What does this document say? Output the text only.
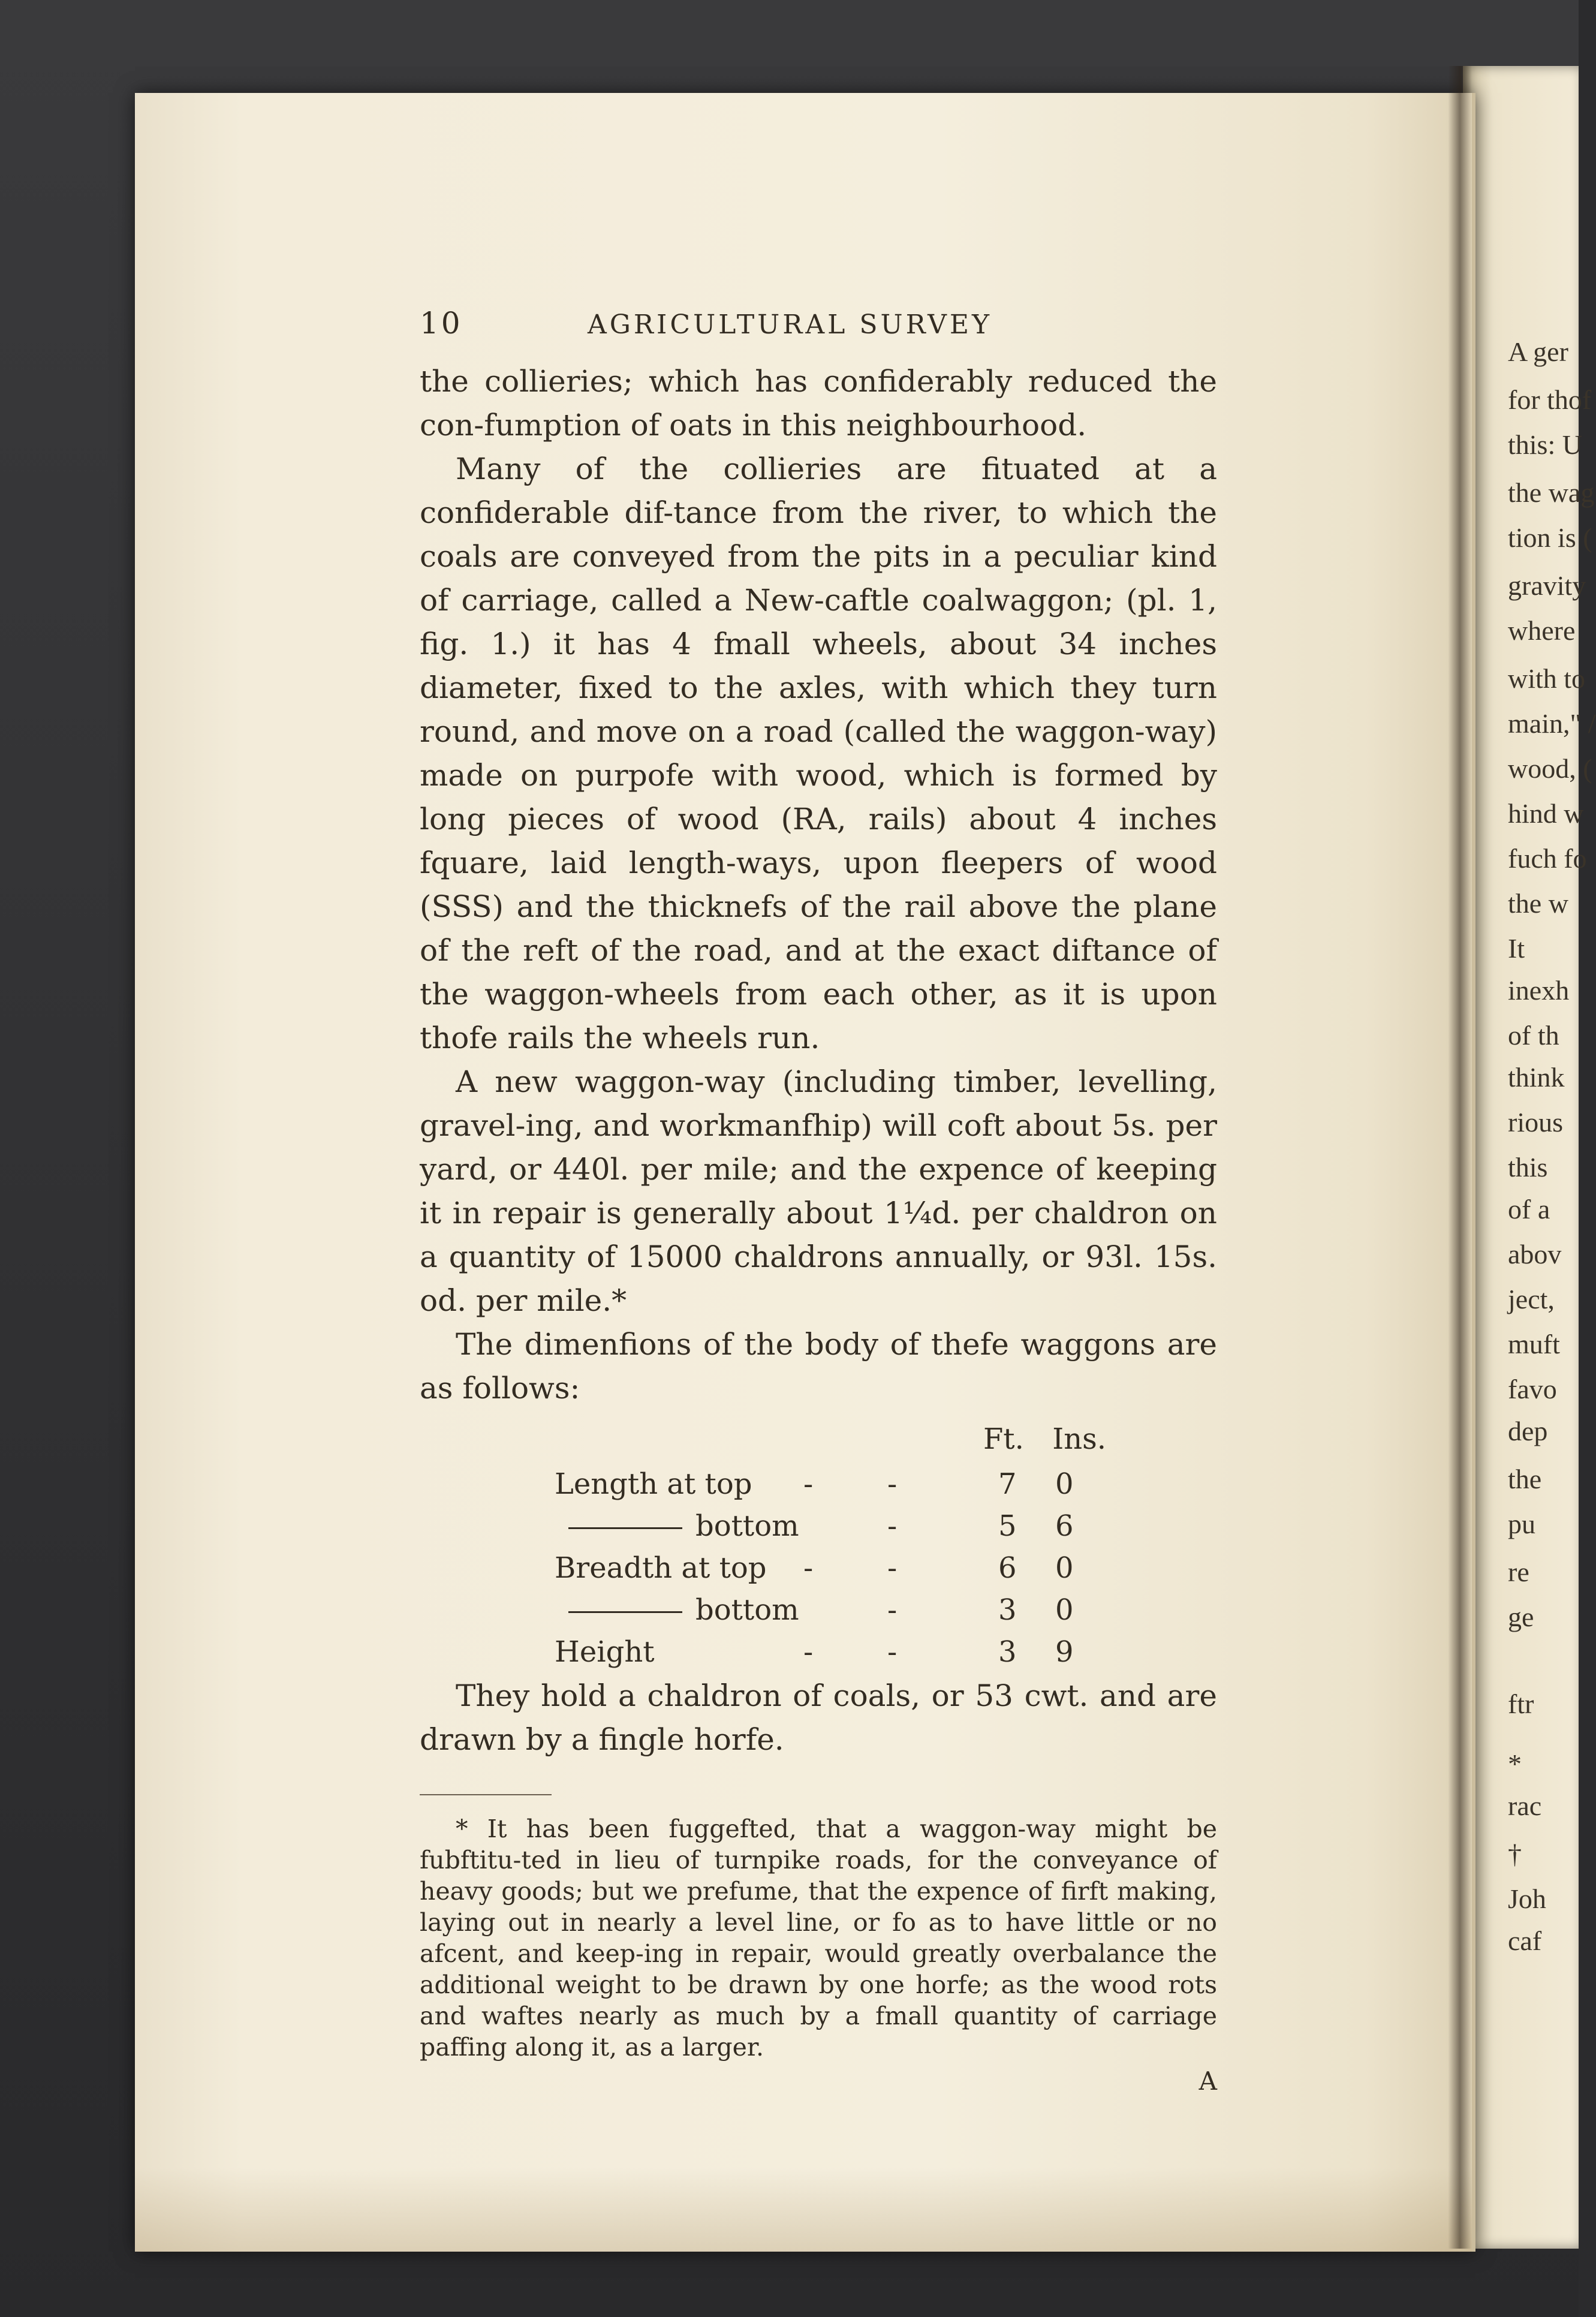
10	AGRICULTURAL SURVEY

the collieries; which has confiderably reduced the con-fumption of oats in this neighbourhood.

Many of the collieries are fituated at a confiderable dif-tance from the river, to which the coals are conveyed from the pits in a peculiar kind of carriage, called a New-caftle coalwaggon; (pl. 1, fig. 1.) it has 4 fmall wheels, about 34 inches diameter, fixed to the axles, with which they turn round, and move on a road (called the waggon-way) made on purpofe with wood, which is formed by long pieces of wood (RA, rails) about 4 inches fquare, laid length-ways, upon fleepers of wood (SSS) and the thicknefs of the rail above the plane of the reft of the road, and at the exact diftance of the waggon-wheels from each other, as it is upon thofe rails the wheels run.

A new waggon-way (including timber, levelling, gravel-ing, and workmanfhip) will coft about 5s. per yard, or 440l. per mile; and the expence of keeping it in repair is generally about 1¼d. per chaldron on a quantity of 15000 chaldrons annually, or 93l. 15s. od. per mile.*

The dimenfions of the body of thefe waggons are as follows:

Ft. Ins.
Length at top -	-	7 0
bottom	-	5 6
Breadth at top -	-	6 0
bottom	-	3 0
Height	-	-	3 9

They hold a chaldron of coals, or 53 cwt. and are drawn by a fingle horfe.

* It has been fuggefted, that a waggon-way might be fubftitu-ted in lieu of turnpike roads, for the conveyance of heavy goods; but we prefume, that the expence of firft making, laying out in nearly a level line, or fo as to have little or no afcent, and keep-ing in repair, would greatly overbalance the additional weight to be drawn by one horfe; as the wood rots and waftes nearly as much by a fmall quantity of carriage paffing along it, as a larger.

A
A ger
for thof
this: U
the wag
tion is (
gravity
where
with to
main," /
wood, (
hind w
fuch fo
the w
It
inexh
of th
think
rious
this
of a
abov
ject,
muft
favo
dep
the
pu
re
ge
ftr
*
rac
†
Joh
caf
